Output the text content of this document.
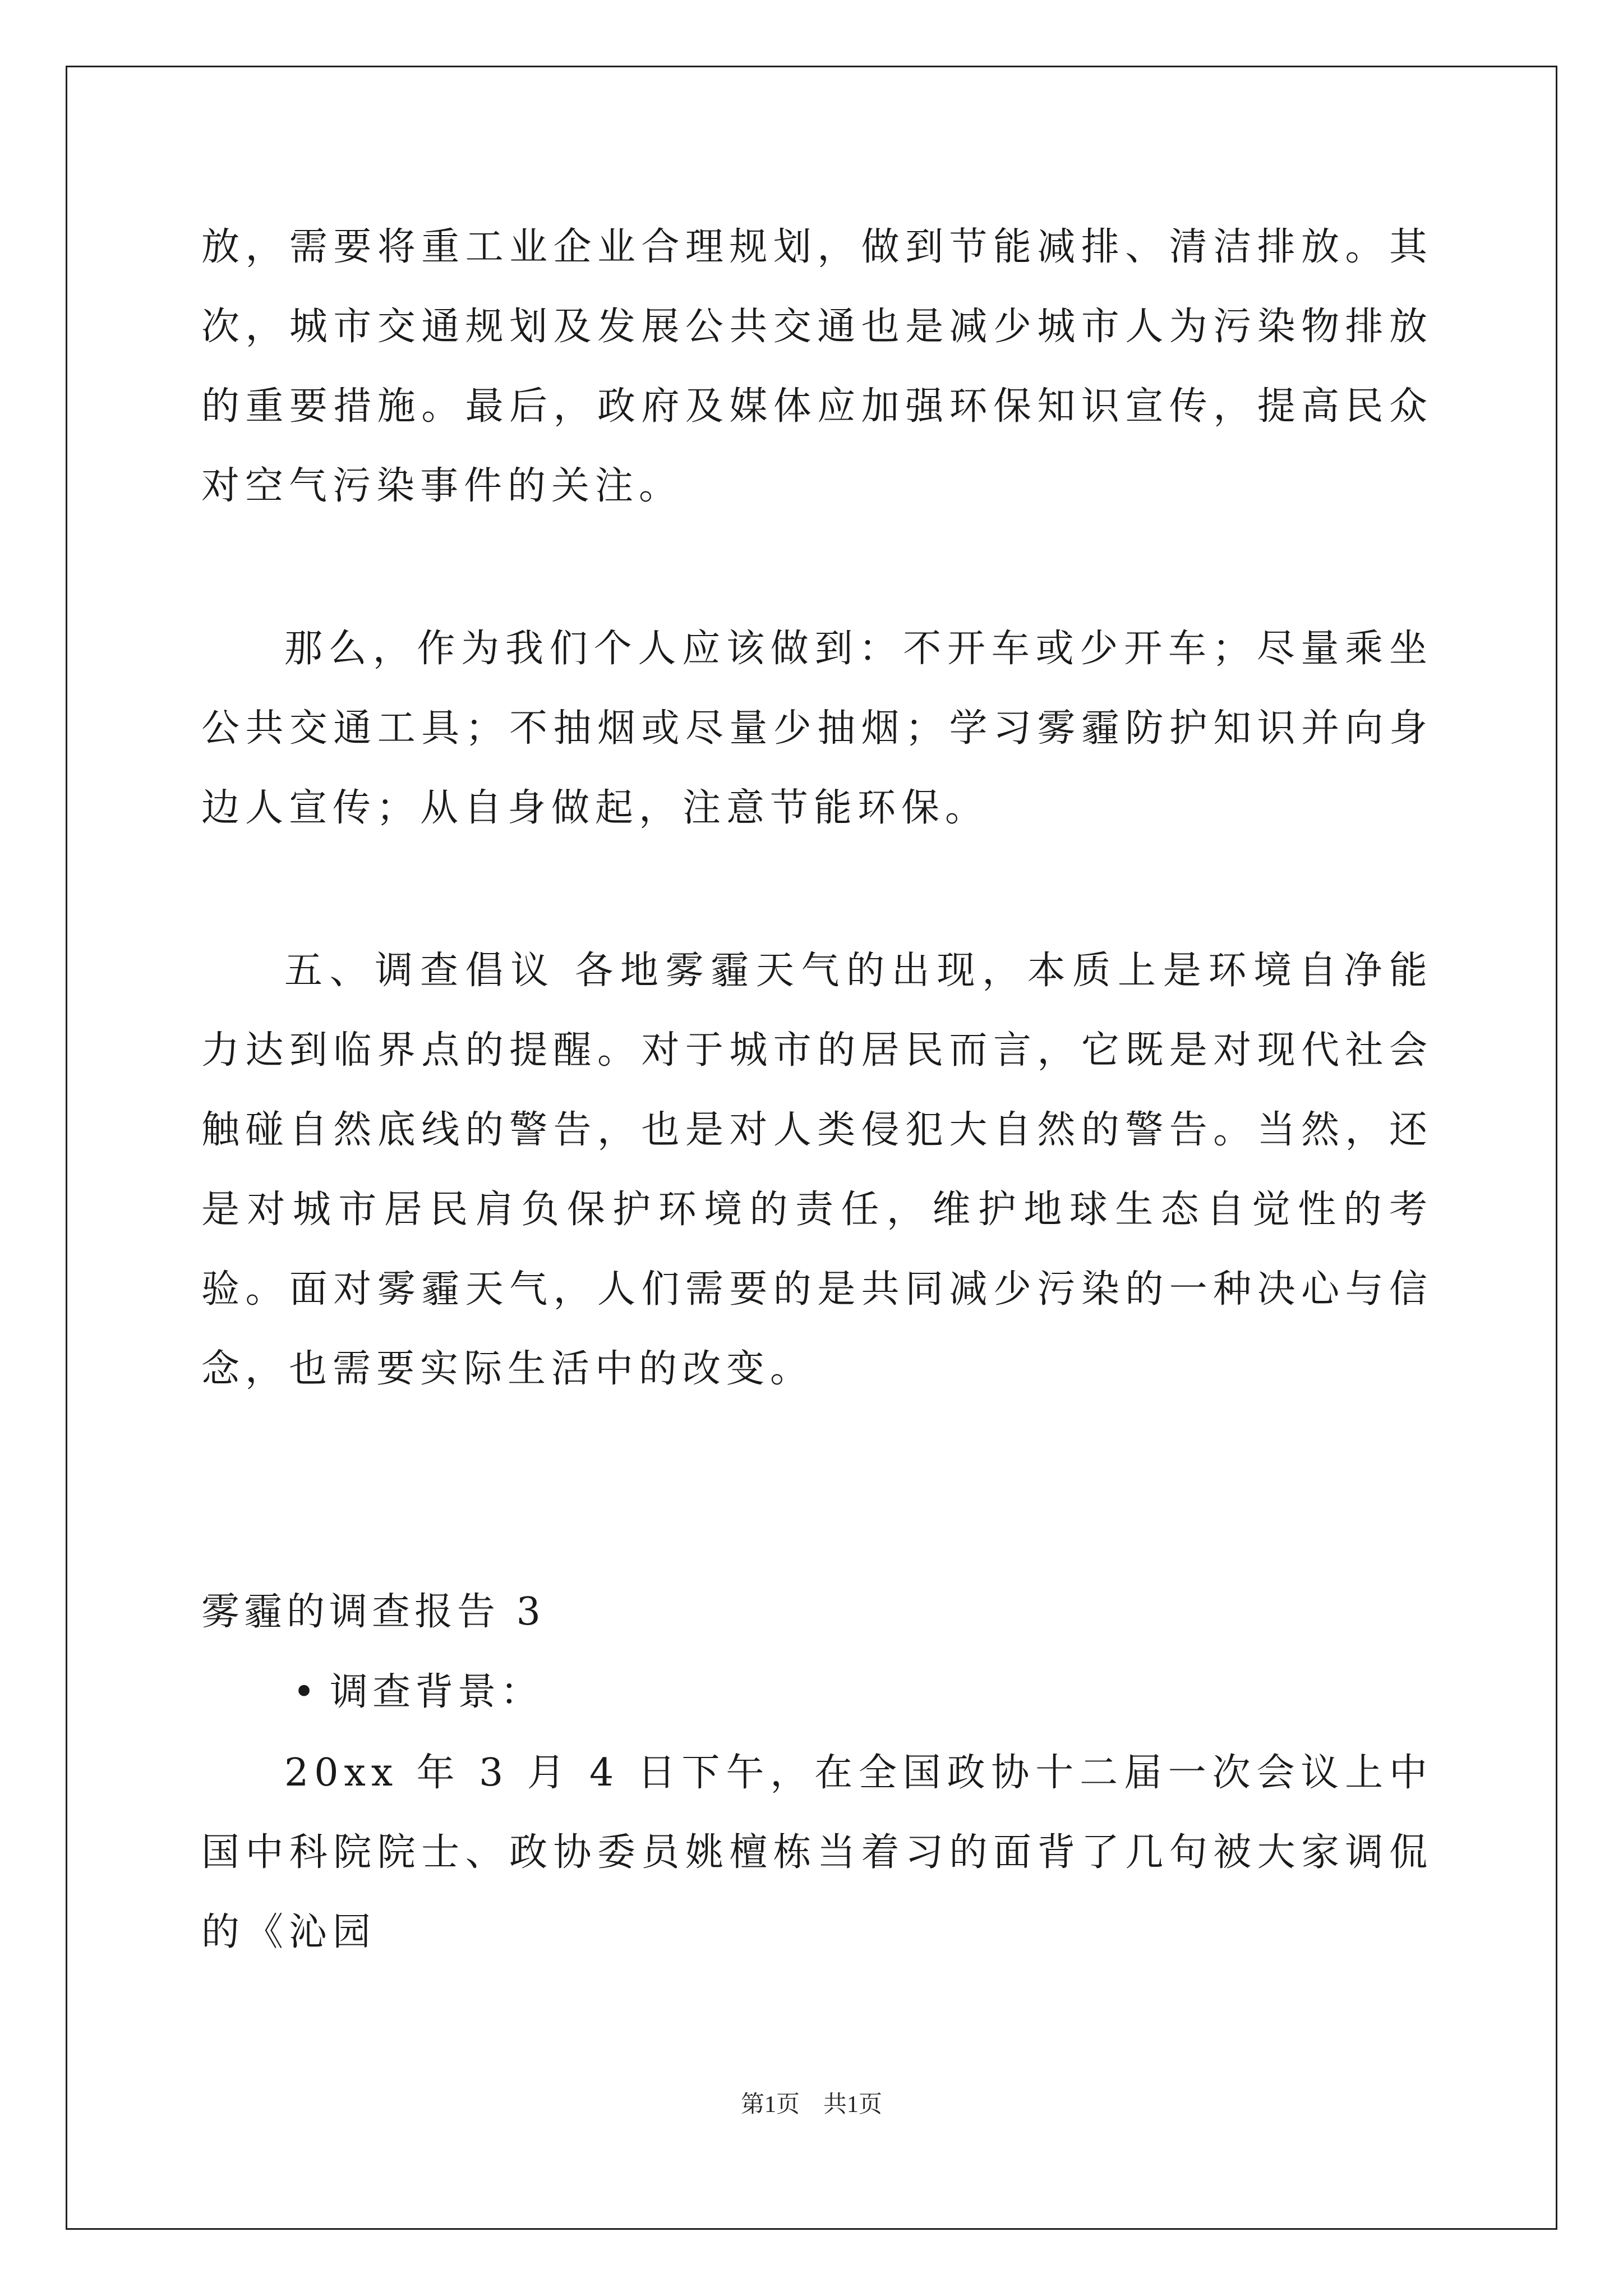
放，需要将重工业企业合理规划，做到节能减排、清洁排放。其次，城市交通规划及发展公共交通也是减少城市人为污染物排放的重要措施。最后，政府及媒体应加强环保知识宣传，提高民众对空气污染事件的关注。

那么，作为我们个人应该做到：不开车或少开车；尽量乘坐公共交通工具；不抽烟或尽量少抽烟；学习雾霾防护知识并向身边人宣传；从自身做起，注意节能环保。

五、调查倡议 各地雾霾天气的出现，本质上是环境自净能力达到临界点的提醒。对于城市的居民而言，它既是对现代社会触碰自然底线的警告，也是对人类侵犯大自然的警告。当然，还是对城市居民肩负保护环境的责任，维护地球生态自觉性的考验。面对雾霾天气，人们需要的是共同减少污染的一种决心与信念，也需要实际生活中的改变。

雾霾的调查报告 3
• 调查背景：

20xx 年 3 月 4 日下午，在全国政协十二届一次会议上中国中科院院士、政协委员姚檀栋当着习的面背了几句被大家调侃的《沁园

第1页 共1页
